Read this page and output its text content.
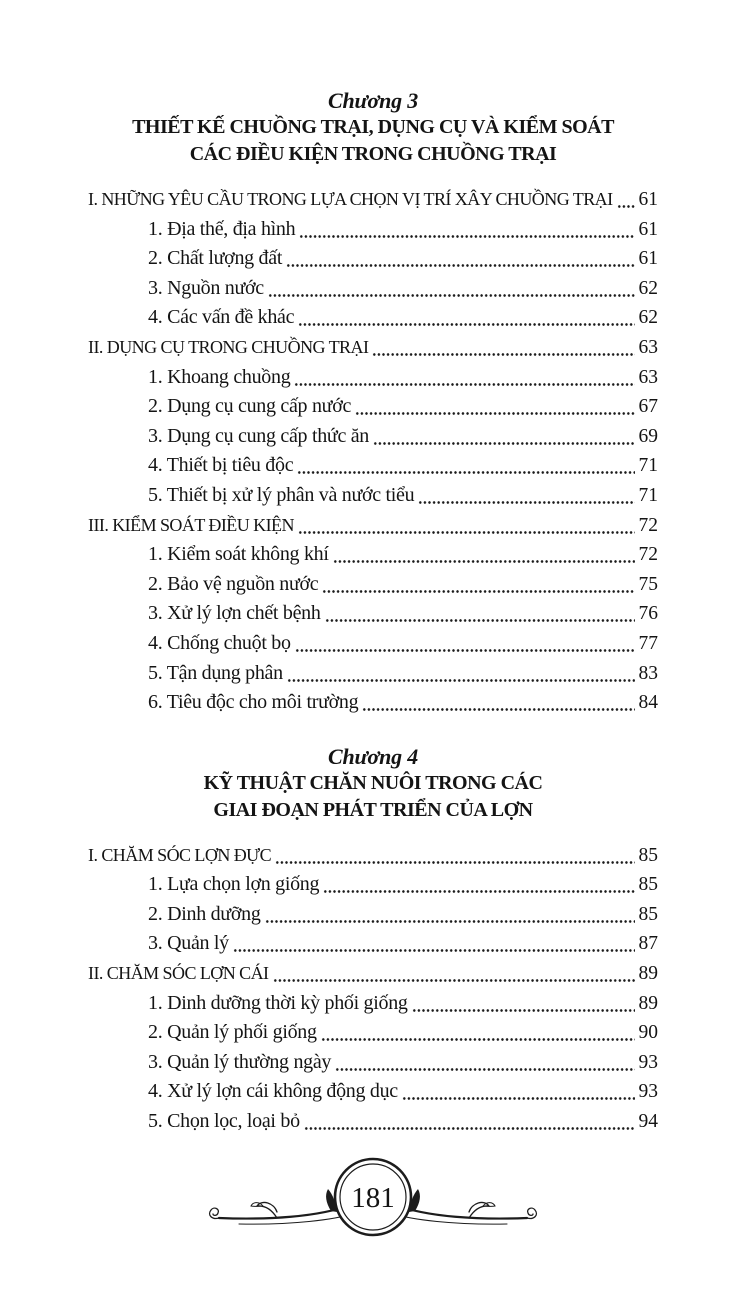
Chương 3
THIẾT KẾ CHUỒNG TRẠI, DỤNG CỤ VÀ KIỂM SOÁT
CÁC ĐIỀU KIỆN TRONG CHUỒNG TRẠI
I. NHỮNG YÊU CẦU TRONG LỰA CHỌN VỊ TRÍ XÂY CHUỒNG TRẠI 61
1. Địa thế, địa hình	61
2. Chất lượng đất	61
3. Nguồn nước	62
4. Các vấn đề khác	62
II. DỤNG CỤ TRONG CHUỒNG TRẠI	63
1. Khoang chuồng	63
2. Dụng cụ cung cấp nước	67
3. Dụng cụ cung cấp thức ăn	69
4. Thiết bị tiêu độc	71
5. Thiết bị xử lý phân và nước tiểu	71
III. KIỂM SOÁT ĐIỀU KIỆN	72
1. Kiểm soát không khí	72
2. Bảo vệ nguồn nước	75
3. Xử lý lợn chết bệnh	76
4. Chống chuột bọ	77
5. Tận dụng phân	83
6. Tiêu độc cho môi trường	84
Chương 4
KỸ THUẬT CHĂN NUÔI TRONG CÁC
GIAI ĐOẠN PHÁT TRIỂN CỦA LỢN
I. CHĂM SÓC LỢN ĐỰC	85
1. Lựa chọn lợn giống	85
2. Dinh dưỡng	85
3. Quản lý	87
II. CHĂM SÓC LỢN CÁI	89
1. Dinh dưỡng thời kỳ phối giống	89
2. Quản lý phối giống	90
3. Quản lý thường ngày	93
4. Xử lý lợn cái không động dục	93
5. Chọn lọc, loại bỏ	94
181
